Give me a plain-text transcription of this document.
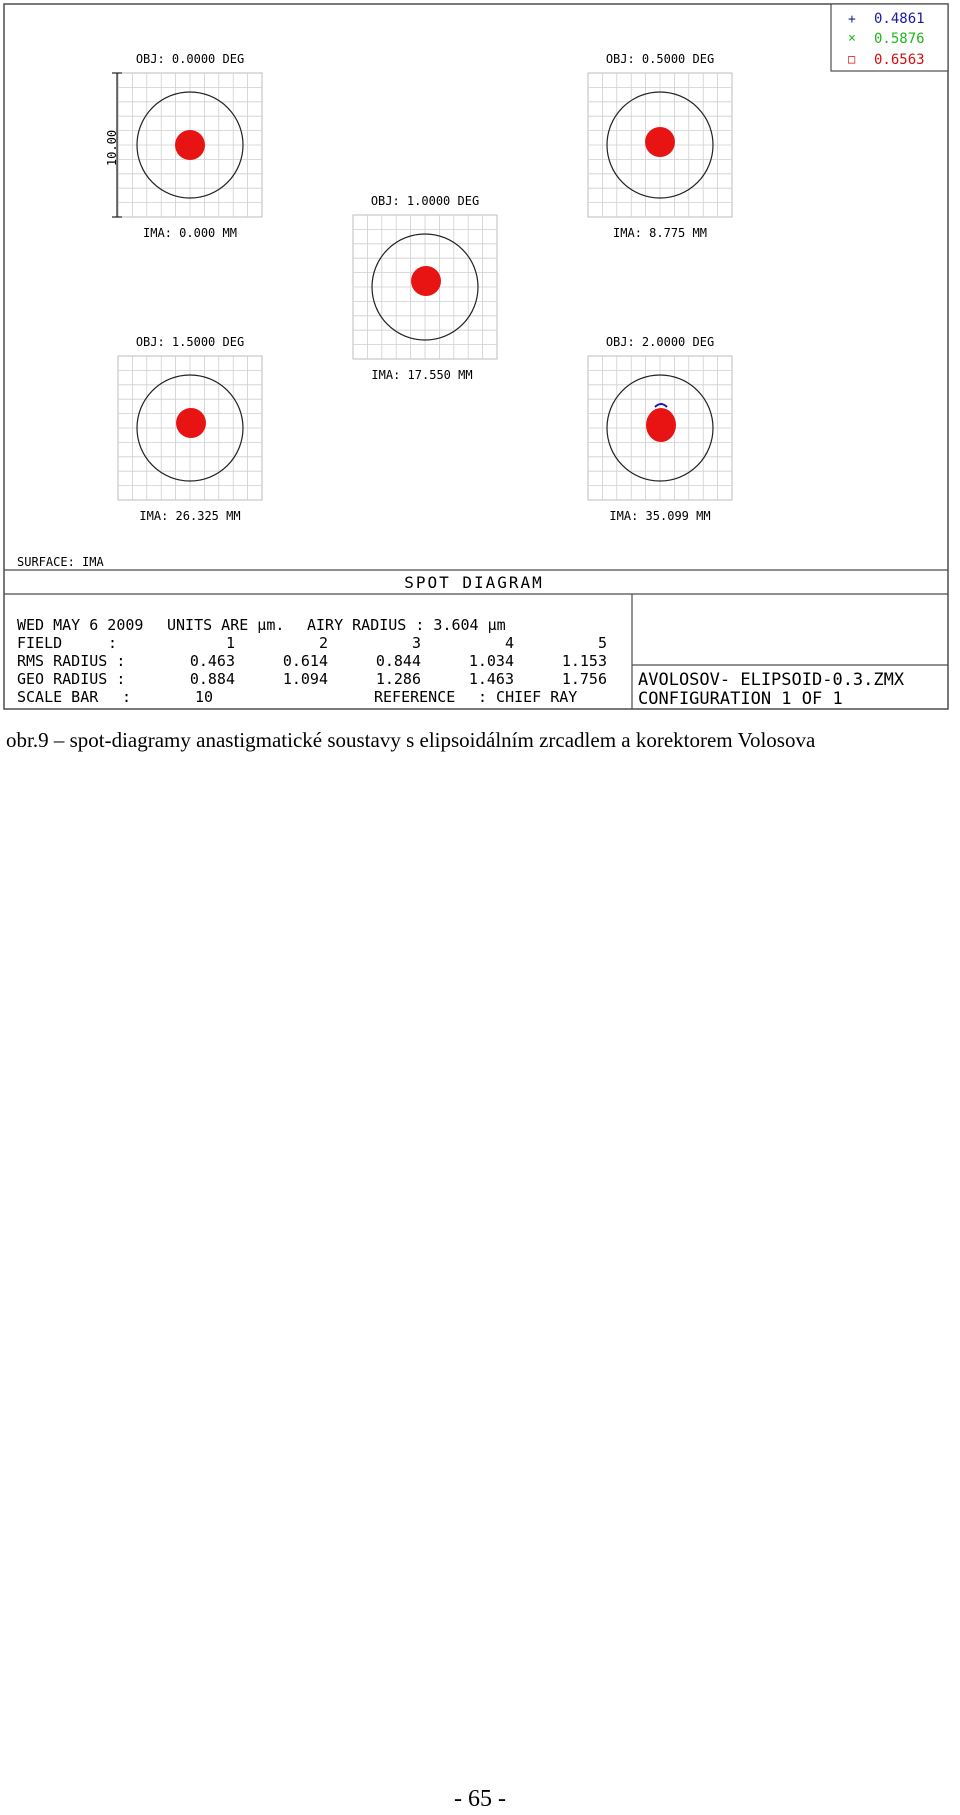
+ 0.4861
× 0.5876
□ 0.6563
OBJ: 0.0000 DEG
IMA: 0.000 MM
OBJ: 0.5000 DEG
IMA: 8.775 MM
OBJ: 1.0000 DEG
IMA: 17.550 MM
OBJ: 1.5000 DEG
IMA: 26.325 MM
OBJ: 2.0000 DEG
IMA: 35.099 MM
10.00
SURFACE: IMA
SPOT DIAGRAM
WED MAY 6 2009 UNITS ARE µm. AIRY RADIUS : 3.604 µm
FIELD	:	1	2	3	4	5
RMS RADIUS :	0.463	0.614	0.844	1.034	1.153
GEO RADIUS :	0.884	1.094	1.286	1.463	1.756
SCALE BAR :	10	REFERENCE : CHIEF RAY
AVOLOSOV- ELIPSOID-0.3.ZMX
CONFIGURATION 1 OF 1
obr.9 – spot-diagramy anastigmatické soustavy s elipsoidálním zrcadlem a korektorem Volosova
- 65 -
